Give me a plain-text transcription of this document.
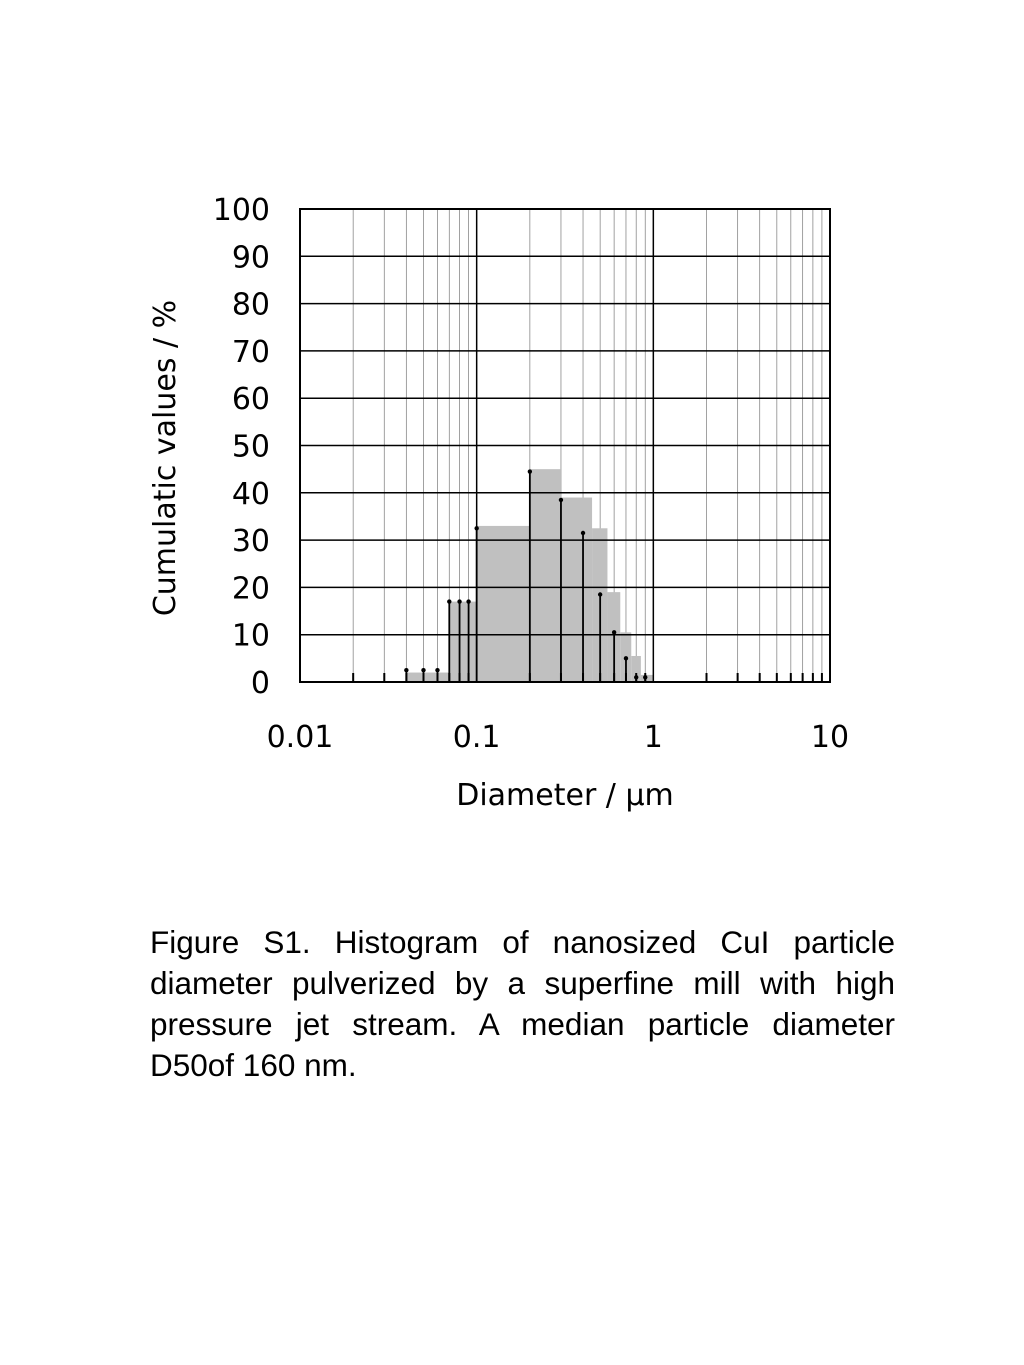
0
10
20
30
40
50
60
70
80
90
100
0.01	0.1	1	10
Diameter / μm
Cumulatic values / %

Figure S1. Histogram of nanosized CuI particle diameter pulverized by a superfine mill with high pressure jet stream. A median particle diameter D50of 160 nm.
